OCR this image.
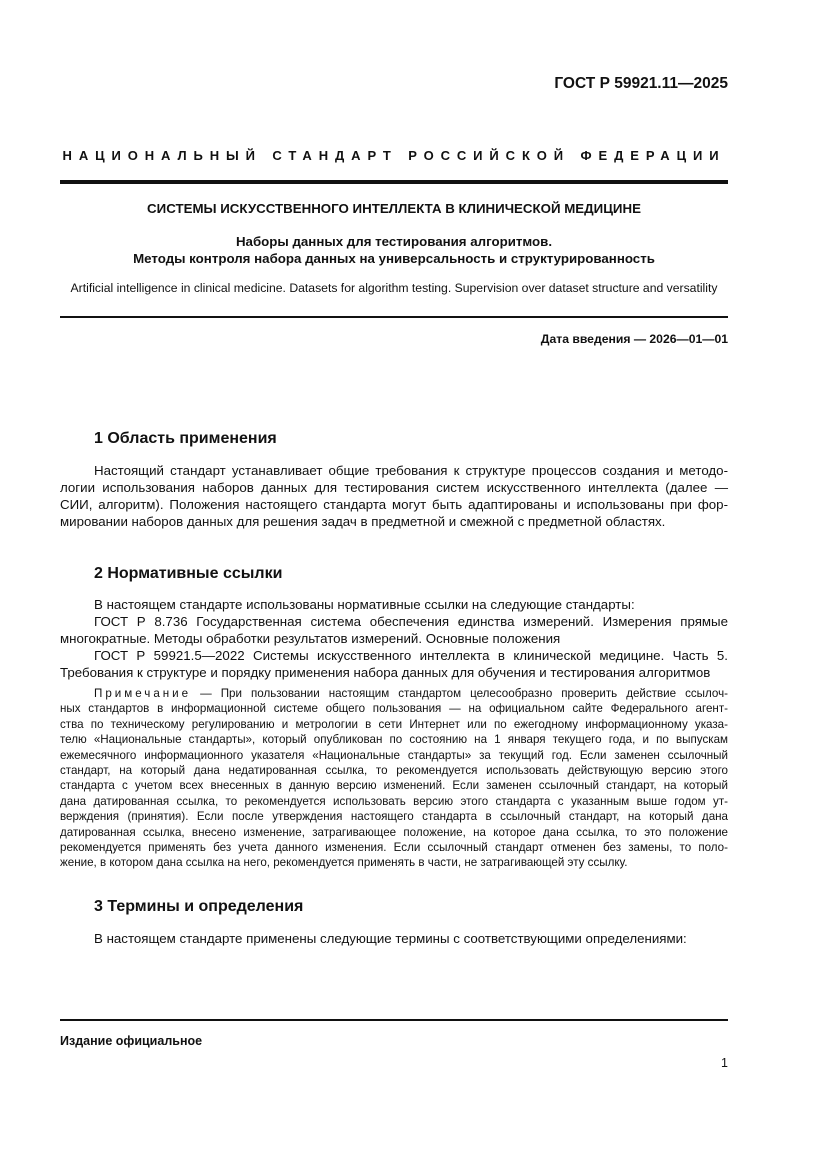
ГОСТ Р 59921.11—2025
НАЦИОНАЛЬНЫЙ СТАНДАРТ РОССИЙСКОЙ ФЕДЕРАЦИИ
СИСТЕМЫ ИСКУССТВЕННОГО ИНТЕЛЛЕКТА В КЛИНИЧЕСКОЙ МЕДИЦИНЕ
Наборы данных для тестирования алгоритмов.
Методы контроля набора данных на универсальность и структурированность
Artificial intelligence in clinical medicine. Datasets for algorithm testing. Supervision over dataset structure and versatility
Дата введения — 2026—01—01
1 Область применения
Настоящий стандарт устанавливает общие требования к структуре процессов создания и методо-
логии использования наборов данных для тестирования систем искусственного интеллекта (далее —
СИИ, алгоритм). Положения настоящего стандарта могут быть адаптированы и использованы при фор-
мировании наборов данных для решения задач в предметной и смежной с предметной областях.
2 Нормативные ссылки
В настоящем стандарте использованы нормативные ссылки на следующие стандарты:
ГОСТ Р 8.736 Государственная система обеспечения единства измерений. Измерения прямые
многократные. Методы обработки результатов измерений. Основные положения
ГОСТ Р 59921.5—2022 Системы искусственного интеллекта в клинической медицине. Часть 5.
Требования к структуре и порядку применения набора данных для обучения и тестирования алгоритмов
Примечание — При пользовании настоящим стандартом целесообразно проверить действие ссылоч-
ных стандартов в информационной системе общего пользования — на официальном сайте Федерального агент-
ства по техническому регулированию и метрологии в сети Интернет или по ежегодному информационному указа-
телю «Национальные стандарты», который опубликован по состоянию на 1 января текущего года, и по выпускам
ежемесячного информационного указателя «Национальные стандарты» за текущий год. Если заменен ссылочный
стандарт, на который дана недатированная ссылка, то рекомендуется использовать действующую версию этого
стандарта с учетом всех внесенных в данную версию изменений. Если заменен ссылочный стандарт, на который
дана датированная ссылка, то рекомендуется использовать версию этого стандарта с указанным выше годом ут-
верждения (принятия). Если после утверждения настоящего стандарта в ссылочный стандарт, на который дана
датированная ссылка, внесено изменение, затрагивающее положение, на которое дана ссылка, то это положение
рекомендуется применять без учета данного изменения. Если ссылочный стандарт отменен без замены, то поло-
жение, в котором дана ссылка на него, рекомендуется применять в части, не затрагивающей эту ссылку.
3 Термины и определения
В настоящем стандарте применены следующие термины с соответствующими определениями:
Издание официальное
1
